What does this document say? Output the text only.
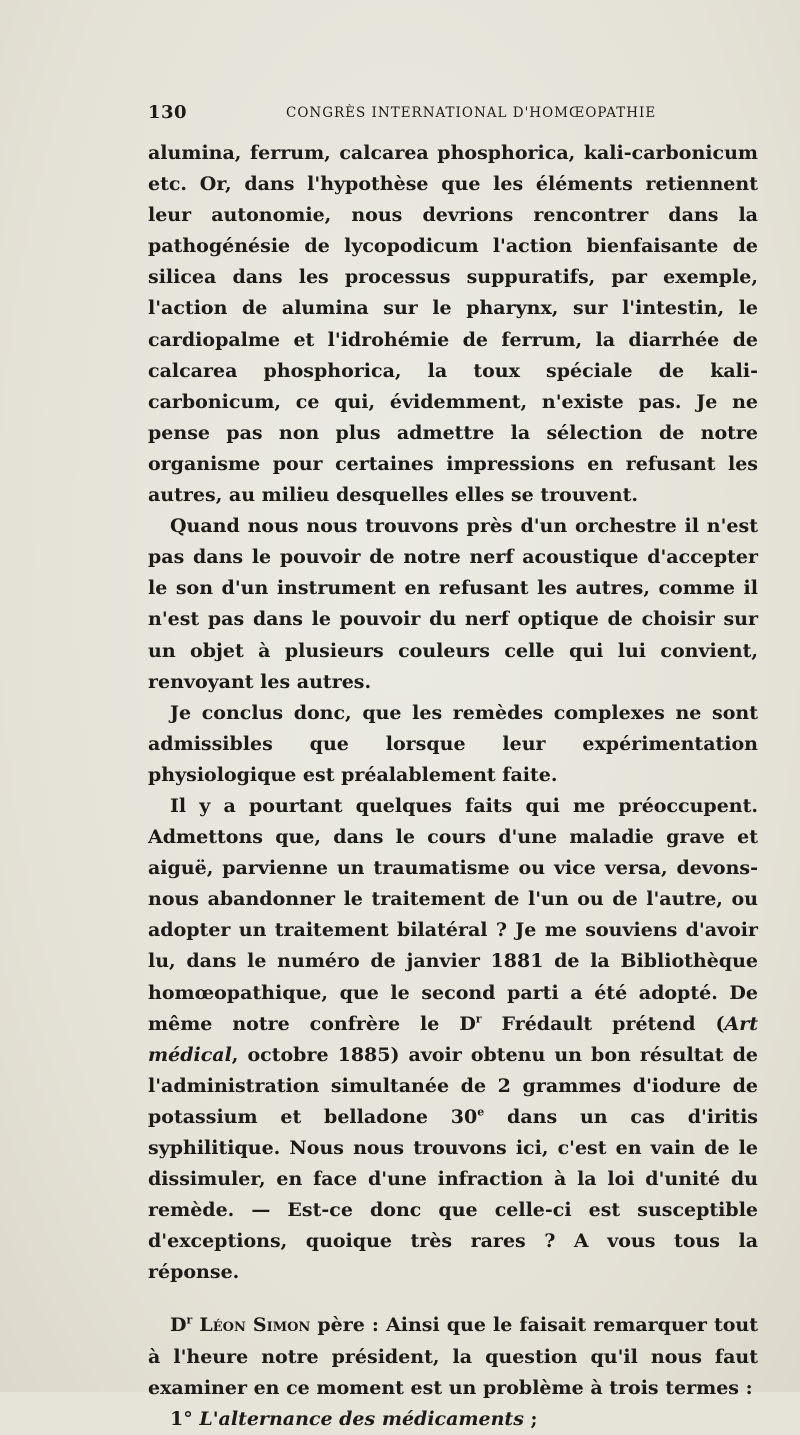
130	CONGRÈS INTERNATIONAL D'HOMŒOPATHIE

alumina, ferrum, calcarea phosphorica, kali-carbonicum etc. Or, dans l'hypothèse que les éléments retiennent leur autonomie, nous devrions rencontrer dans la pathogénésie de lycopodicum l'action bienfaisante de silicea dans les processus suppuratifs, par exemple, l'action de alumina sur le pharynx, sur l'intestin, le cardiopalme et l'idrohémie de ferrum, la diarrhée de calcarea phosphorica, la toux spéciale de kali-carbonicum, ce qui, évidemment, n'existe pas. Je ne pense pas non plus admettre la sélection de notre organisme pour certaines impressions en refusant les autres, au milieu desquelles elles se trouvent.

Quand nous nous trouvons près d'un orchestre il n'est pas dans le pouvoir de notre nerf acoustique d'accepter le son d'un instrument en refusant les autres, comme il n'est pas dans le pouvoir du nerf optique de choisir sur un objet à plusieurs couleurs celle qui lui convient, renvoyant les autres.

Je conclus donc, que les remèdes complexes ne sont admissibles que lorsque leur expérimentation physiologique est préalablement faite.

Il y a pourtant quelques faits qui me préoccupent. Admettons que, dans le cours d'une maladie grave et aiguë, parvienne un traumatisme ou vice versa, devons-nous abandonner le traitement de l'un ou de l'autre, ou adopter un traitement bilatéral ? Je me souviens d'avoir lu, dans le numéro de janvier 1881 de la Bibliothèque homœopathique, que le second parti a été adopté. De même notre confrère le $D^r$ Frédault prétend (Art médical, octobre 1885) avoir obtenu un bon résultat de l'administration simultanée de 2 grammes d'iodure de potassium et belladone 30e dans un cas d'iritis syphilitique. Nous nous trouvons ici, c'est en vain de le dissimuler, en face d'une infraction à la loi d'unité du remède. — Est-ce donc que celle-ci est susceptible d'exceptions, quoique très rares ? A vous tous la réponse.

$D^r$ Léon Simon père : Ainsi que le faisait remarquer tout à l'heure notre président, la question qu'il nous faut examiner en ce moment est un problème à trois termes :

1° L'alternance des médicaments ;
